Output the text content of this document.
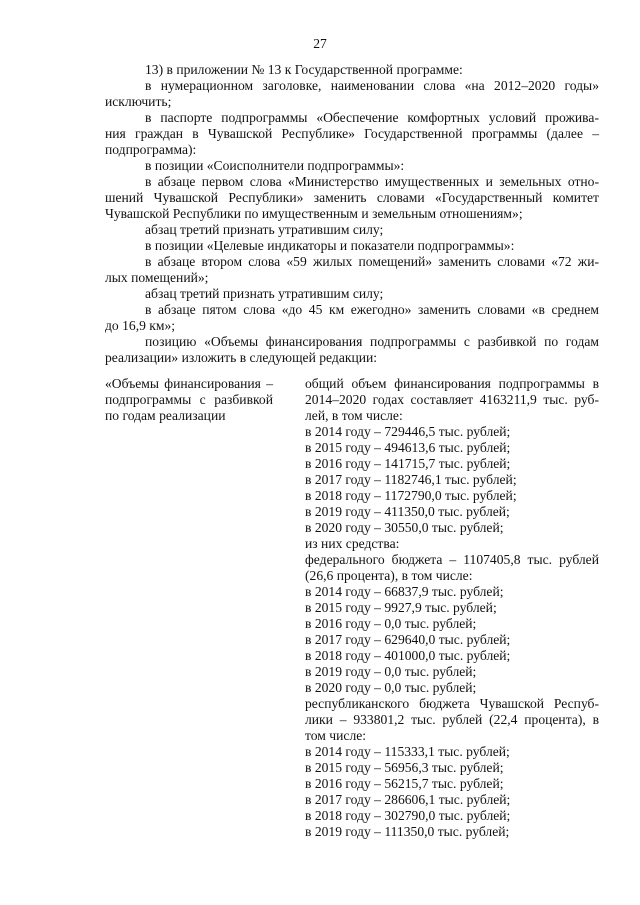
27
13) в приложении № 13 к Государственной программе:
в нумерационном заголовке, наименовании слова «на 2012–2020 годы»
исключить;
в паспорте подпрограммы «Обеспечение комфортных условий прожива-
ния граждан в Чувашской Республике» Государственной программы (далее –
подпрограмма):
в позиции «Соисполнители подпрограммы»:
в абзаце первом слова «Министерство имущественных и земельных отно-
шений Чувашской Республики» заменить словами «Государственный комитет
Чувашской Республики по имущественным и земельным отношениям»;
абзац третий признать утратившим силу;
в позиции «Целевые индикаторы и показатели подпрограммы»:
в абзаце втором слова «59 жилых помещений» заменить словами «72 жи-
лых помещений»;
абзац третий признать утратившим силу;
в абзаце пятом слова «до 45 км ежегодно» заменить словами «в среднем
до 16,9 км»;
позицию «Объемы финансирования подпрограммы с разбивкой по годам
реализации» изложить в следующей редакции:
«Объемы финансирования –
подпрограммы с разбивкой
по годам реализации
общий объем финансирования подпрограммы в
2014–2020 годах составляет 4163211,9 тыс. руб-
лей, в том числе:
в 2014 году – 729446,5 тыс. рублей;
в 2015 году – 494613,6 тыс. рублей;
в 2016 году – 141715,7 тыс. рублей;
в 2017 году – 1182746,1 тыс. рублей;
в 2018 году – 1172790,0 тыс. рублей;
в 2019 году – 411350,0 тыс. рублей;
в 2020 году – 30550,0 тыс. рублей;
из них средства:
федерального бюджета – 1107405,8 тыс. рублей
(26,6 процента), в том числе:
в 2014 году – 66837,9 тыс. рублей;
в 2015 году – 9927,9 тыс. рублей;
в 2016 году – 0,0 тыс. рублей;
в 2017 году – 629640,0 тыс. рублей;
в 2018 году – 401000,0 тыс. рублей;
в 2019 году – 0,0 тыс. рублей;
в 2020 году – 0,0 тыс. рублей;
республиканского бюджета Чувашской Респуб-
лики – 933801,2 тыс. рублей (22,4 процента), в
том числе:
в 2014 году – 115333,1 тыс. рублей;
в 2015 году – 56956,3 тыс. рублей;
в 2016 году – 56215,7 тыс. рублей;
в 2017 году – 286606,1 тыс. рублей;
в 2018 году – 302790,0 тыс. рублей;
в 2019 году – 111350,0 тыс. рублей;
